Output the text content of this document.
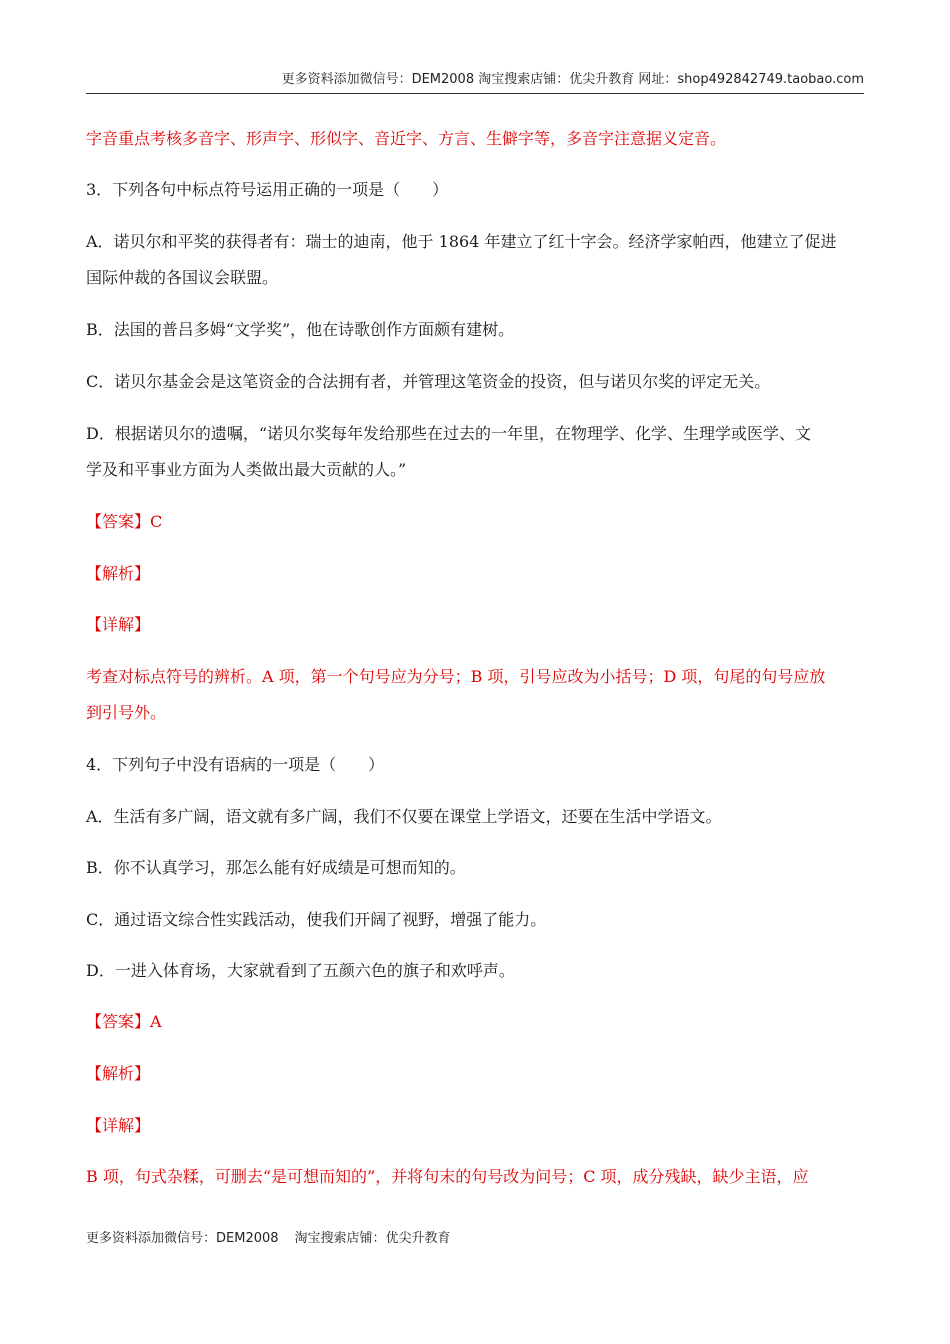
更多资料添加微信号：DEM2008 淘宝搜索店铺：优尖升教育 网址：shop492842749.taobao.com
字音重点考核多音字、形声字、形似字、音近字、方言、生僻字等，多音字注意据义定音。
3．下列各句中标点符号运用正确的一项是（　　）
A．诺贝尔和平奖的获得者有：瑞士的迪南，他于 1864 年建立了红十字会。经济学家帕西，他建立了促进
国际仲裁的各国议会联盟。
B．法国的普吕多姆“文学奖”，他在诗歌创作方面颇有建树。
C．诺贝尔基金会是这笔资金的合法拥有者，并管理这笔资金的投资，但与诺贝尔奖的评定无关。
D．根据诺贝尔的遗嘱，“诺贝尔奖每年发给那些在过去的一年里，在物理学、化学、生理学或医学、文
学及和平事业方面为人类做出最大贡献的人。”
【答案】C
【解析】
【详解】
考查对标点符号的辨析。A 项，第一个句号应为分号；B 项，引号应改为小括号；D 项，句尾的句号应放
到引号外。
4．下列句子中没有语病的一项是（　　）
A．生活有多广阔，语文就有多广阔，我们不仅要在课堂上学语文，还要在生活中学语文。
B．你不认真学习，那怎么能有好成绩是可想而知的。
C．通过语文综合性实践活动，使我们开阔了视野，增强了能力。
D．一进入体育场，大家就看到了五颜六色的旗子和欢呼声。
【答案】A
【解析】
【详解】
B 项，句式杂糅，可删去“是可想而知的”，并将句末的句号改为问号；C 项，成分残缺，缺少主语，应
更多资料添加微信号：DEM2008 淘宝搜索店铺：优尖升教育
